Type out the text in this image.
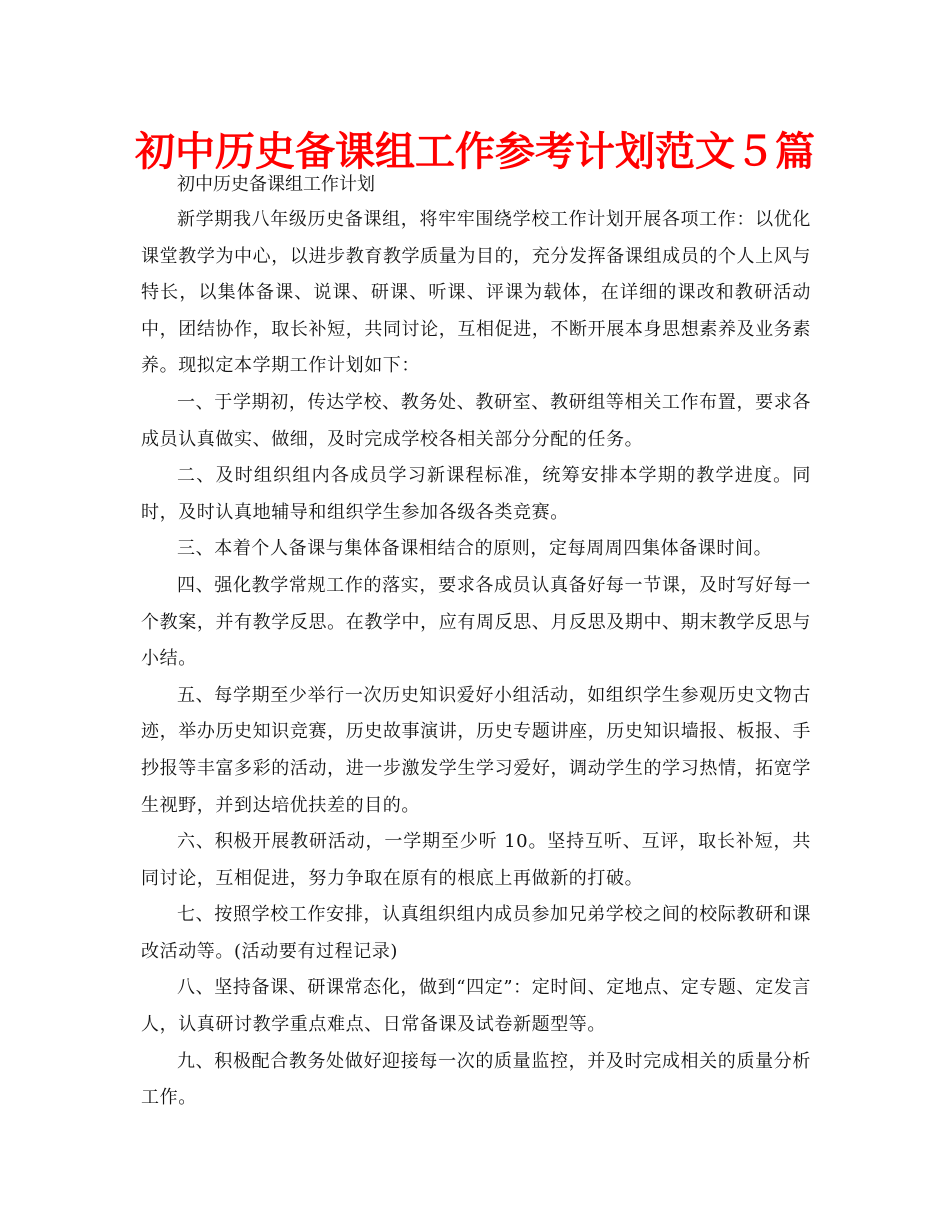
初中历史备课组工作参考计划范文５篇

初中历史备课组工作计划

新学期我八年级历史备课组，将牢牢围绕学校工作计划开展各项工作：以优化课堂教学为中心，以进步教育教学质量为目的，充分发挥备课组成员的个人上风与特长，以集体备课、说课、研课、听课、评课为载体，在详细的课改和教研活动中，团结协作，取长补短，共同讨论，互相促进，不断开展本身思想素养及业务素养。现拟定本学期工作计划如下：

一、于学期初，传达学校、教务处、教研室、教研组等相关工作布置，要求各成员认真做实、做细，及时完成学校各相关部分分配的任务。

二、及时组织组内各成员学习新课程标准，统筹安排本学期的教学进度。同时，及时认真地辅导和组织学生参加各级各类竞赛。

三、本着个人备课与集体备课相结合的原则，定每周周四集体备课时间。

四、强化教学常规工作的落实，要求各成员认真备好每一节课，及时写好每一个教案，并有教学反思。在教学中，应有周反思、月反思及期中、期末教学反思与小结。

五、每学期至少举行一次历史知识爱好小组活动，如组织学生参观历史文物古迹，举办历史知识竞赛，历史故事演讲，历史专题讲座，历史知识墙报、板报、手抄报等丰富多彩的活动，进一步激发学生学习爱好，调动学生的学习热情，拓宽学生视野，并到达培优扶差的目的。

六、积极开展教研活动，一学期至少听 10。坚持互听、互评，取长补短，共同讨论，互相促进，努力争取在原有的根底上再做新的打破。

七、按照学校工作安排，认真组织组内成员参加兄弟学校之间的校际教研和课改活动等。(活动要有过程记录)

八、坚持备课、研课常态化，做到“四定”：定时间、定地点、定专题、定发言人，认真研讨教学重点难点、日常备课及试卷新题型等。

九、积极配合教务处做好迎接每一次的质量监控，并及时完成相关的质量分析工作。
